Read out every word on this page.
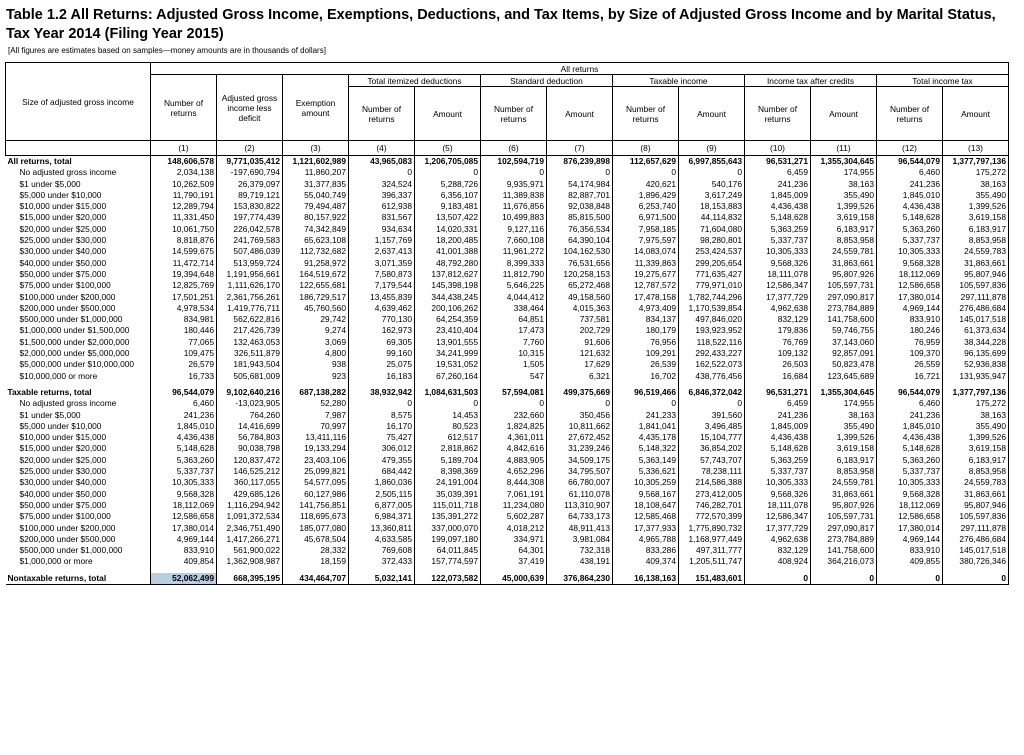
Table 1.2 All Returns: Adjusted Gross Income, Exemptions, Deductions, and Tax Items, by Size of Adjusted Gross Income and by Marital Status, Tax Year 2014 (Filing Year 2015)
[All figures are estimates based on samples—money amounts are in thousands of dollars]
Size of adjusted gross income	All returns												
	Number of returns	Adjusted gross income less deficit	Exemption amount	Total itemized deductions		Standard deduction		Taxable income		Income tax after credits		Total income tax	
				Number of returns	Amount	Number of returns	Amount	Number of returns	Amount	Number of returns	Amount	Number of returns	Amount
	(1)	(2)	(3)	(4)	(5)	(6)	(7)	(8)	(9)	(10)	(11)	(12)	(13)
All returns, total	148,606,578	9,771,035,412	1,121,602,989	43,965,083	1,206,705,085	102,594,719	876,239,898	112,657,629	6,997,855,643	96,531,271	1,355,304,645	96,544,079	1,377,797,136
No adjusted gross income	2,034,138	-197,690,794	11,860,207	0	0	0	0	0	0	6,459	174,955	6,460	175,272
$1 under $5,000	10,262,509	26,379,097	31,377,835	324,524	5,288,726	9,935,971	54,174,984	420,621	540,176	241,236	38,163	241,236	38,163
$5,000 under $10,000	11,790,191	89,719,121	55,040,749	396,337	6,356,107	11,389,838	82,887,701	1,896,429	3,617,249	1,845,009	355,490	1,845,010	355,490
$10,000 under $15,000	12,289,794	153,830,822	79,494,487	612,938	9,183,481	11,676,856	92,038,848	6,253,740	18,153,883	4,436,438	1,399,526	4,436,438	1,399,526
$15,000 under $20,000	11,331,450	197,774,439	80,157,922	831,567	13,507,422	10,499,883	85,815,500	6,971,500	44,114,832	5,148,628	3,619,158	5,148,628	3,619,158
$20,000 under $25,000	10,061,750	226,042,578	74,342,849	934,634	14,020,331	9,127,116	76,356,534	7,958,185	71,604,080	5,363,259	6,183,917	5,363,260	6,183,917
$25,000 under $30,000	8,818,876	241,769,583	65,623,108	1,157,769	18,200,485	7,660,108	64,390,104	7,975,597	98,280,801	5,337,737	8,853,958	5,337,737	8,853,958
$30,000 under $40,000	14,599,675	507,486,039	112,732,682	2,637,413	41,001,388	11,961,272	104,162,530	14,083,074	253,424,537	10,305,333	24,559,781	10,305,333	24,559,783
$40,000 under $50,000	11,472,714	513,959,724	91,258,972	3,071,359	48,792,280	8,399,333	76,531,656	11,339,863	299,205,654	9,568,326	31,863,661	9,568,328	31,863,661
$50,000 under $75,000	19,394,648	1,191,956,661	164,519,672	7,580,873	137,812,627	11,812,790	120,258,153	19,275,677	771,635,427	18,111,078	95,807,926	18,112,069	95,807,946
$75,000 under $100,000	12,825,769	1,111,626,170	122,655,681	7,179,544	145,398,198	5,646,225	65,272,468	12,787,572	779,971,010	12,586,347	105,597,731	12,586,658	105,597,836
$100,000 under $200,000	17,501,251	2,361,756,261	186,729,517	13,455,839	344,438,245	4,044,412	49,158,560	17,478,158	1,782,744,296	17,377,729	297,090,817	17,380,014	297,111,878
$200,000 under $500,000	4,978,534	1,419,776,711	45,760,560	4,639,462	200,106,262	338,464	4,015,363	4,973,409	1,170,539,854	4,962,638	273,784,889	4,969,144	276,486,684
$500,000 under $1,000,000	834,981	562,622,816	29,742	770,130	64,254,359	64,851	737,581	834,137	497,846,020	832,129	141,758,600	833,910	145,017,518
$1,000,000 under $1,500,000	180,446	217,426,739	9,274	162,973	23,410,404	17,473	202,729	180,179	193,923,952	179,836	59,746,755	180,246	61,373,634
$1,500,000 under $2,000,000	77,065	132,463,053	3,069	69,305	13,901,555	7,760	91,606	76,956	118,522,116	76,769	37,143,060	76,959	38,344,228
$2,000,000 under $5,000,000	109,475	326,511,879	4,800	99,160	34,241,999	10,315	121,632	109,291	292,433,227	109,132	92,857,091	109,370	96,135,699
$5,000,000 under $10,000,000	26,579	181,943,504	938	25,075	19,531,052	1,505	17,629	26,539	162,522,073	26,503	50,823,478	26,559	52,936,838
$10,000,000 or more	16,733	505,681,009	923	16,183	67,260,164	547	6,321	16,702	438,776,456	16,684	123,645,689	16,721	131,935,947

Taxable returns, total	96,544,079	9,102,640,216	687,138,282	38,932,942	1,084,631,503	57,594,081	499,375,669	96,519,466	6,846,372,042	96,531,271	1,355,304,645	96,544,079	1,377,797,136
No adjusted gross income	6,460	-13,023,905	52,280	0	0	0	0	0	0	6,459	174,955	6,460	175,272
$1 under $5,000	241,236	764,260	7,987	8,575	14,453	232,660	350,456	241,233	391,560	241,236	38,163	241,236	38,163
$5,000 under $10,000	1,845,010	14,416,699	70,997	16,170	80,523	1,824,825	10,811,662	1,841,041	3,496,485	1,845,009	355,490	1,845,010	355,490
$10,000 under $15,000	4,436,438	56,784,803	13,411,116	75,427	612,517	4,361,011	27,672,452	4,435,178	15,104,777	4,436,438	1,399,526	4,436,438	1,399,526
$15,000 under $20,000	5,148,628	90,038,798	19,133,294	306,012	2,818,862	4,842,616	31,239,246	5,148,322	36,854,202	5,148,628	3,619,158	5,148,628	3,619,158
$20,000 under $25,000	5,363,260	120,837,472	23,403,106	479,355	5,189,704	4,883,905	34,509,175	5,363,149	57,743,707	5,363,259	6,183,917	5,363,260	6,183,917
$25,000 under $30,000	5,337,737	146,525,212	25,099,821	684,442	8,398,369	4,652,296	34,795,507	5,336,621	78,238,111	5,337,737	8,853,958	5,337,737	8,853,958
$30,000 under $40,000	10,305,333	360,117,055	54,577,095	1,860,036	24,191,004	8,444,308	66,780,007	10,305,259	214,586,388	10,305,333	24,559,781	10,305,333	24,559,783
$40,000 under $50,000	9,568,328	429,685,126	60,127,986	2,505,115	35,039,391	7,061,191	61,110,078	9,568,167	273,412,005	9,568,326	31,863,661	9,568,328	31,863,661
$50,000 under $75,000	18,112,069	1,116,294,942	141,756,851	6,877,005	115,011,718	11,234,080	113,310,907	18,108,647	746,282,701	18,111,078	95,807,926	18,112,069	95,807,946
$75,000 under $100,000	12,586,658	1,091,372,534	118,695,673	6,984,371	135,391,272	5,602,287	64,733,173	12,585,468	772,570,399	12,586,347	105,597,731	12,586,658	105,597,836
$100,000 under $200,000	17,380,014	2,346,751,490	185,077,080	13,360,811	337,000,070	4,018,212	48,911,413	17,377,933	1,775,890,732	17,377,729	297,090,817	17,380,014	297,111,878
$200,000 under $500,000	4,969,144	1,417,266,271	45,678,504	4,633,585	199,097,180	334,971	3,981,084	4,965,788	1,168,977,449	4,962,638	273,784,889	4,969,144	276,486,684
$500,000 under $1,000,000	833,910	561,900,022	28,332	769,608	64,011,845	64,301	732,318	833,286	497,311,777	832,129	141,758,600	833,910	145,017,518
$1,000,000 or more	409,854	1,362,908,987	18,159	372,433	157,774,597	37,419	438,191	409,374	1,205,511,747	408,924	364,216,073	409,855	380,726,346

Nontaxable returns, total	52,062,499	668,395,195	434,464,707	5,032,141	122,073,582	45,000,639	376,864,230	16,138,163	151,483,601	0	0	0	0
